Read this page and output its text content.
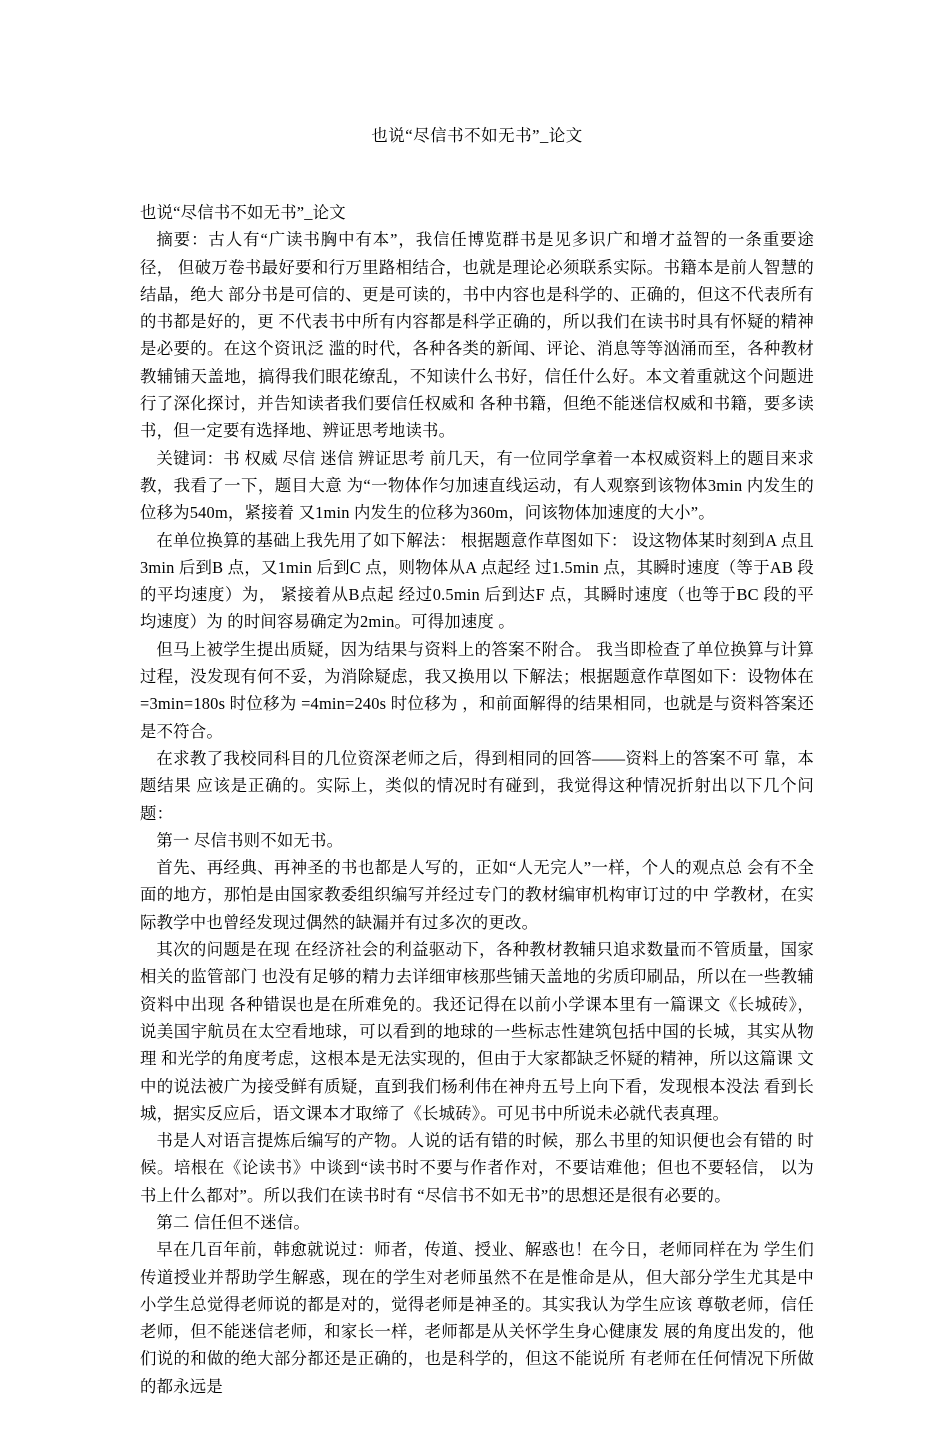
也说“尽信书不如无书”_论文

也说“尽信书不如无书”_论文

摘要：古人有“广读书胸中有本”，我信任博览群书是见多识广和增才益智的一条重要途径， 但破万卷书最好要和行万里路相结合，也就是理论必须联系实际。书籍本是前人智慧的结晶，绝大 部分书是可信的、更是可读的，书中内容也是科学的、正确的，但这不代表所有的书都是好的，更 不代表书中所有内容都是科学正确的，所以我们在读书时具有怀疑的精神是必要的。在这个资讯泛 滥的时代，各种各类的新闻、评论、消息等等汹涌而至，各种教材教辅铺天盖地，搞得我们眼花缭乱，不知读什么书好，信任什么好。本文着重就这个问题进行了深化探讨，并告知读者我们要信任权威和 各种书籍，但绝不能迷信权威和书籍，要多读书，但一定要有选择地、辨证思考地读书。

关键词：书 权威 尽信 迷信 辨证思考 前几天，有一位同学拿着一本权威资料上的题目来求教，我看了一下，题目大意 为“一物体作匀加速直线运动，有人观察到该物体3min 内发生的位移为540m，紧接着 又1min 内发生的位移为360m，问该物体加速度的大小”。

在单位换算的基础上我先用了如下解法： 根据题意作草图如下： 设这物体某时刻到A 点且3min 后到B 点，又1min 后到C 点，则物体从A 点起经 过1.5min 点，其瞬时速度（等于AB 段的平均速度）为， 紧接着从B点起 经过0.5min 后到达F 点，其瞬时速度（也等于BC 段的平均速度）为 的时间容易确定为2min。可得加速度 。

但马上被学生提出质疑，因为结果与资料上的答案不附合。 我当即检查了单位换算与计算过程，没发现有何不妥，为消除疑虑，我又换用以 下解法；根据题意作草图如下：设物体在 =3min=180s 时位移为 =4min=240s 时位移为 ，和前面解得的结果相同，也就是与资料答案还是不符合。

在求教了我校同科目的几位资深老师之后，得到相同的回答——资料上的答案不可 靠，本题结果 应该是正确的。实际上，类似的情况时有碰到，我觉得这种情况折射出以下几个问题：

第一 尽信书则不如无书。

首先、再经典、再神圣的书也都是人写的，正如“人无完人”一样，个人的观点总 会有不全面的地方，那怕是由国家教委组织编写并经过专门的教材编审机构审订过的中 学教材，在实际教学中也曾经发现过偶然的缺漏并有过多次的更改。

其次的问题是在现 在经济社会的利益驱动下，各种教材教辅只追求数量而不管质量，国家相关的监管部门 也没有足够的精力去详细审核那些铺天盖地的劣质印刷品，所以在一些教辅资料中出现 各种错误也是在所难免的。我还记得在以前小学课本里有一篇课文《长城砖》，说美国宇航员在太空看地球，可以看到的地球的一些标志性建筑包括中国的长城，其实从物理 和光学的角度考虑，这根本是无法实现的，但由于大家都缺乏怀疑的精神，所以这篇课 文中的说法被广为接受鲜有质疑，直到我们杨利伟在神舟五号上向下看，发现根本没法 看到长城，据实反应后，语文课本才取缔了《长城砖》。可见书中所说未必就代表真理。

书是人对语言提炼后编写的产物。人说的话有错的时候，那么书里的知识便也会有错的 时候。培根在《论读书》中谈到“读书时不要与作者作对，不要诘难他；但也不要轻信， 以为书上什么都对”。所以我们在读书时有 “尽信书不如无书”的思想还是很有必要的。

第二 信任但不迷信。

早在几百年前，韩愈就说过：师者，传道、授业、解惑也！在今日，老师同样在为 学生们传道授业并帮助学生解惑，现在的学生对老师虽然不在是惟命是从，但大部分学生尤其是中小学生总觉得老师说的都是对的，觉得老师是神圣的。其实我认为学生应该 尊敬老师，信任老师，但不能迷信老师，和家长一样，老师都是从关怀学生身心健康发 展的角度出发的，他们说的和做的绝大部分都还是正确的，也是科学的，但这不能说所 有老师在任何情况下所做的都永远是
